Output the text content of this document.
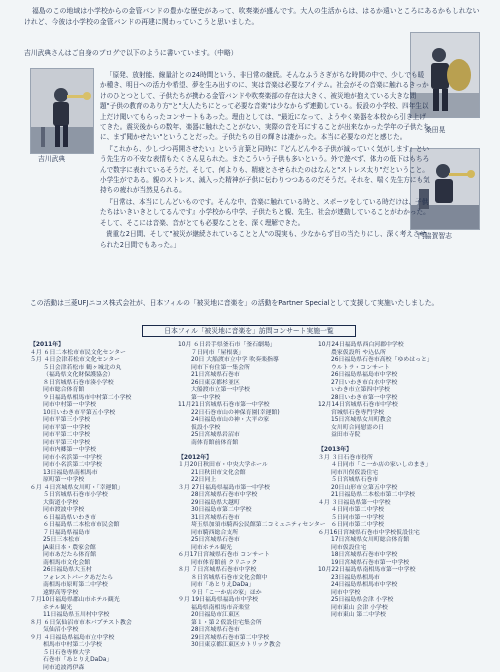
福島のこの地域は小学校からの金管バンドの豊かな歴史があって、吹奏楽が盛んです。大人の生活からは、はるか遠いところにあるかもしれないけれど、今彼は小学校の金管バンドの再建に関わっていこうと思いました。

吉川武典さんはご自身のブログで以下のように書いています。（中略）
吉川武典
桑田晃
門脇賀智志

「原発、放射能、線量計との24時間という、非日常の継続。そんなふうさぎがちな時間の中で、少しでも暖か種き、明日への活力や希望、夢を生み出すのに、実は音楽は必要なアイテム。社会がその音楽に触れるきっかけのひとつとして、子供たちが携わる金管バンドや吹奏楽部の存在は大きく、被災地が抱えている大きな問題"子供の教育のあり方"と"大人たちにとって必要な音楽"は少なからず連動している。仮設の小学校、四年生以上だけ聞いてもらったコンサートもあった。理由としては、"最近になって、ようやく楽器を本校から引き上げてきた。震災後からの数年、楽器に触れたことがない、実際の音を耳にすることが出来なかった学年の子供たちに、まず聞かせたい"ということだった。子供たちの目の輝きは凄かった。本当に必要なのだと感じた。

『これから、少しづつ再開させたい』という言葉と同時に『どんどんやる子供が減っていく気がします』という先生方の不安な表情もたくさん見られた。またこういう子供も多いという。外で遊べず、体力の低下はもちろんで数字に表れているそうだ。そして、何よりも、精疲とさせられたのはなんと"ストレス太り"だということ。小学生がである。親のストレス、減入った精神が子供に伝わりつつあるのだそうだ。それを、喘く先生方にも気持ちの疲れが当然見られる。

『日常は、本当にしんどいものです。そんな中、音楽に触れている時と、スポーツをしている時だけは、子供たちはいきいきとしてるんです』小学校から中学、子供たちと親、先生、社会が連動していることがわかった。そして、そこには音楽、音がとても必要なことを、深く理解できた。

貴重な2日間、そして"被災が継続されていることと人"の現実も、少なからず目の当たりにし、深く考えさせられた2日間でもあった。」

この活動は三菱UFJニコス株式会社が、日本フィルの「被災地に音楽を」の活動をPartner Specialとして支援して実施いたしました。
日本フィル「被災地に音楽を」訪問コンサート実施一覧
【2011年】
４月 ６日二本松市市民文化センター
５月 ４日会津若松市文化センター
５日会津若松市 鶴ヶ城北の丸
（福島県文化財保護協会）
８日宮城県石巻市湊小学校
同市総合体育館
９日福島県相馬市中村第二小学校
同市中村第一中学校
10日いわき市平第五小学校
同市平第三小学校
同市平第一中学校
同市平第二中学校
同市平第三中学校
同市内郷第一中学校
同市小名浜第一中学校
同市小名浜第二中学校
13日福島県南相馬市
原町第一中学校
６月 ４日宮城県女川町・「幸運館」
５日宮城県石巻市小学校
大街道小学校
同市渡波中学校
６日福島県いわき市
６日福島県二本松市市民会館
７日福島県福島市
25日三本松市
JA東日本・農家会館
同市あだたら体育館
南相馬市文化会館
26日福島県大玉村
フォレストパークあだたら
南相馬市原町第二中学校
遠野高等学校
７月10日福島県郡山市ホテル観光
ホテル観光
11日福島県玉川村中学校
８月 ６日気仙沼市市本バプテスト教会
気仙沼小学校
９月 ４日福島県福島市立中学校
相馬市中村第二小学校
５日石巻専修大学
石巻市「あとりえDaDa」
同市追波湾伊森
10月 ６日岩手県釜石市「釜石劇場」
７日同市「屋根裏」
20日 大船渡市立中学 吹奏楽指導
同市下有住第一集会所
21日宮城県石巻市
26日東京都杉並区
大船渡市立第一中学校
第一中学校
11月21日宮城県石巻市第一中学校
22日石巻市山の神保育園(幸運館)
24日福島市山の神・大平の家
仮設小学校
25日宮城県岩沼市
南体育館前体育館
【2012年】
１月20日秋田市・中央大学ホール
21日秋田市文化会館
22日同上
３月 27日福島県福島市第一中学校
28日宮城県石巻市中学校
29日福島県大越町
30日福島市第二中学校
31日宮城県石巻市
埼玉県加須市騎西公民館第二コミュニティセンター
同市騎西総合支所
25日宮城県石巻市
同市ホテル観光
６月17日宮城県石巻市 コンサート
同市体育館前 クリニック
８月 ７日宮城県石巻市中学校
８日宮城県石巻市文化会館中
同市「あとりえDaDa」
９日「こ一か店の家」ほか
９月 19日福島県福島市中学校
福島県南相馬市音楽堂
20日福島市江東区
第１・第２仮設住宅集会所
28日宮城県石巻市
29日宮城県石巻市第二中学校
30日東京都江東区カトリック教会
10月24日福島県西白河郡中学校
農家仮設所 や込仏所
26日福島県石巻市高校「ゆめはっと」
ウルトラ・コンサート
26日福島県福島市中学校
27日いわき市白水中学校
いわき市立第四中学校
28日いわき市第一中学校
12月14日宮城県石巻市中学校
宮城県石巻専門学校
15日宮城県女川町教会
女川町合同慰霊の日
益田市寺院
【2013年】
３月 ３日石巻市役所
４日同市「こ一か店の家いしのまき」
同市川俣仮設住宅
５日宮城県石巻市
20日山形市立第五中学校
21日福島県二本松市第二中学校
４月 ３日福島県第一中学校
４日同市第二中学校
５日同市第一中学校
６日同市第二中学校
６月16日宮城県石巻市中学校仮設住宅
17日宮城県女川町総合体育館
同市仮設住宅
18日宮城県石巻市中学校
19日宮城県石巻市第一中学校
10月22日福島県南相馬市第一中学校
23日福島県相馬市
24日福島県相馬市中学校
同市中学校
25日福島県会津 小学校
同市東山 会津 小学校
同市東山 第二中学校
